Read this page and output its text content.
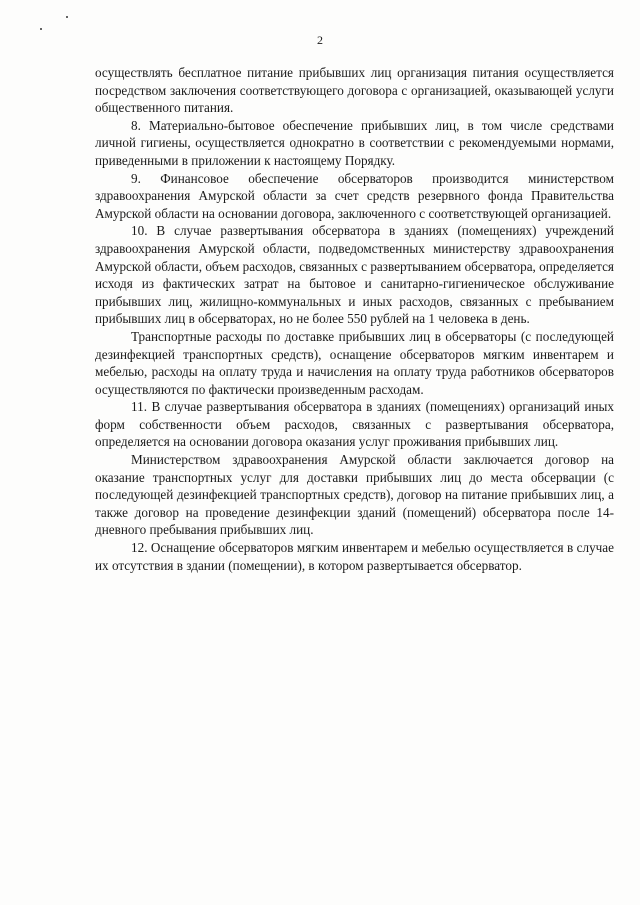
2

осуществлять бесплатное питание прибывших лиц организация питания осуществляется посредством заключения соответствующего договора с организацией, оказывающей услуги общественного питания.

8. Материально-бытовое обеспечение прибывших лиц, в том числе средствами личной гигиены, осуществляется однократно в соответствии с рекомендуемыми нормами, приведенными в приложении к настоящему Порядку.

9. Финансовое обеспечение обсерваторов производится министерством здравоохранения Амурской области за счет средств резервного фонда Правительства Амурской области на основании договора, заключенного с соответствующей организацией.

10. В случае развертывания обсерватора в зданиях (помещениях) учреждений здравоохранения Амурской области, подведомственных министерству здравоохранения Амурской области, объем расходов, связанных с развертыванием обсерватора, определяется исходя из фактических затрат на бытовое и санитарно-гигиеническое обслуживание прибывших лиц, жилищно-коммунальных и иных расходов, связанных с пребыванием прибывших лиц в обсерваторах, но не более 550 рублей на 1 человека в день.

Транспортные расходы по доставке прибывших лиц в обсерваторы (с последующей дезинфекцией транспортных средств), оснащение обсерваторов мягким инвентарем и мебелью, расходы на оплату труда и начисления на оплату труда работников обсерваторов осуществляются по фактически произведенным расходам.

11. В случае развертывания обсерватора в зданиях (помещениях) организаций иных форм собственности объем расходов, связанных с развертывания обсерватора, определяется на основании договора оказания услуг проживания прибывших лиц.

Министерством здравоохранения Амурской области заключается договор на оказание транспортных услуг для доставки прибывших лиц до места обсервации (с последующей дезинфекцией транспортных средств), договор на питание прибывших лиц, а также договор на проведение дезинфекции зданий (помещений) обсерватора после 14-дневного пребывания прибывших лиц.

12. Оснащение обсерваторов мягким инвентарем и мебелью осуществляется в случае их отсутствия в здании (помещении), в котором развертывается обсерватор.
